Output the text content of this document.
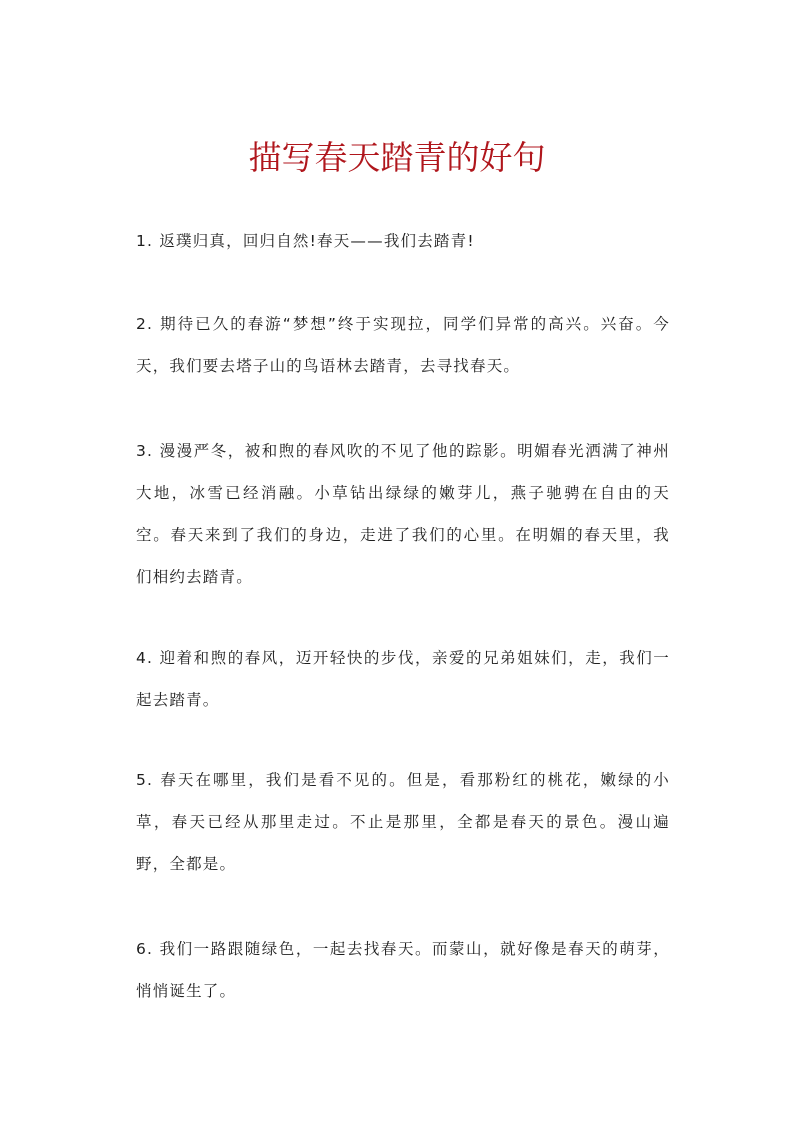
描写春天踏青的好句
1. 返璞归真，回归自然!春天——我们去踏青!
2. 期待已久的春游“梦想”终于实现拉，同学们异常的高兴。兴奋。今天，我们要去塔子山的鸟语林去踏青，去寻找春天。
3. 漫漫严冬，被和煦的春风吹的不见了他的踪影。明媚春光洒满了神州大地，冰雪已经消融。小草钻出绿绿的嫩芽儿，燕子驰骋在自由的天空。春天来到了我们的身边，走进了我们的心里。在明媚的春天里，我们相约去踏青。
4. 迎着和煦的春风，迈开轻快的步伐，亲爱的兄弟姐妹们，走，我们一起去踏青。
5. 春天在哪里，我们是看不见的。但是，看那粉红的桃花，嫩绿的小草，春天已经从那里走过。不止是那里，全都是春天的景色。漫山遍野，全都是。
6. 我们一路跟随绿色，一起去找春天。而蒙山，就好像是春天的萌芽，悄悄诞生了。
